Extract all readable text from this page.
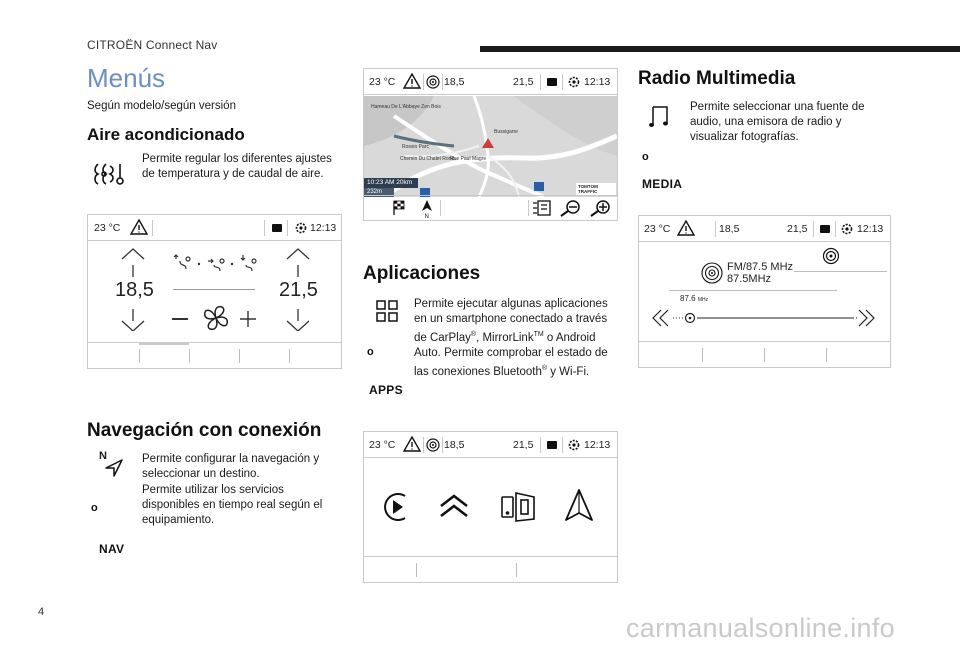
CITROËN Connect Nav
Menús
Según modelo/según versión
Aire acondicionado
Permite regular los diferentes ajustes de temperatura y de caudal de aire.
23 °C	12:13
18,5	21,5
Navegación con conexión
N	Permite configurar la navegación y seleccionar un destino.
Permite utilizar los servicios disponibles en tiempo real según el equipamiento.
o
NAV
23 °C	18,5	21,5	12:13
Hameau De L'Abbaye Zen Bois
Bussigarre
Rossin Parc
Chemin Du Chalet Rond
Rue Paul Magre
10:23 AM 20km
232m
TOMTOM TRAFFIC
N
Aplicaciones
Permite ejecutar algunas aplicaciones en un smartphone conectado a través de CarPlay®, MirrorLink™ o Android Auto. Permite comprobar el estado de las conexiones Bluetooth® y Wi-Fi.
o
APPS
23 °C	18,5	21,5	12:13
Radio Multimedia
Permite seleccionar una fuente de audio, una emisora de radio y visualizar fotografías.
o
MEDIA
23 °C	18,5	21,5	12:13
FM/87.5 MHz
87.5MHz
87.6 MHz
4
carmanualsonline.info
